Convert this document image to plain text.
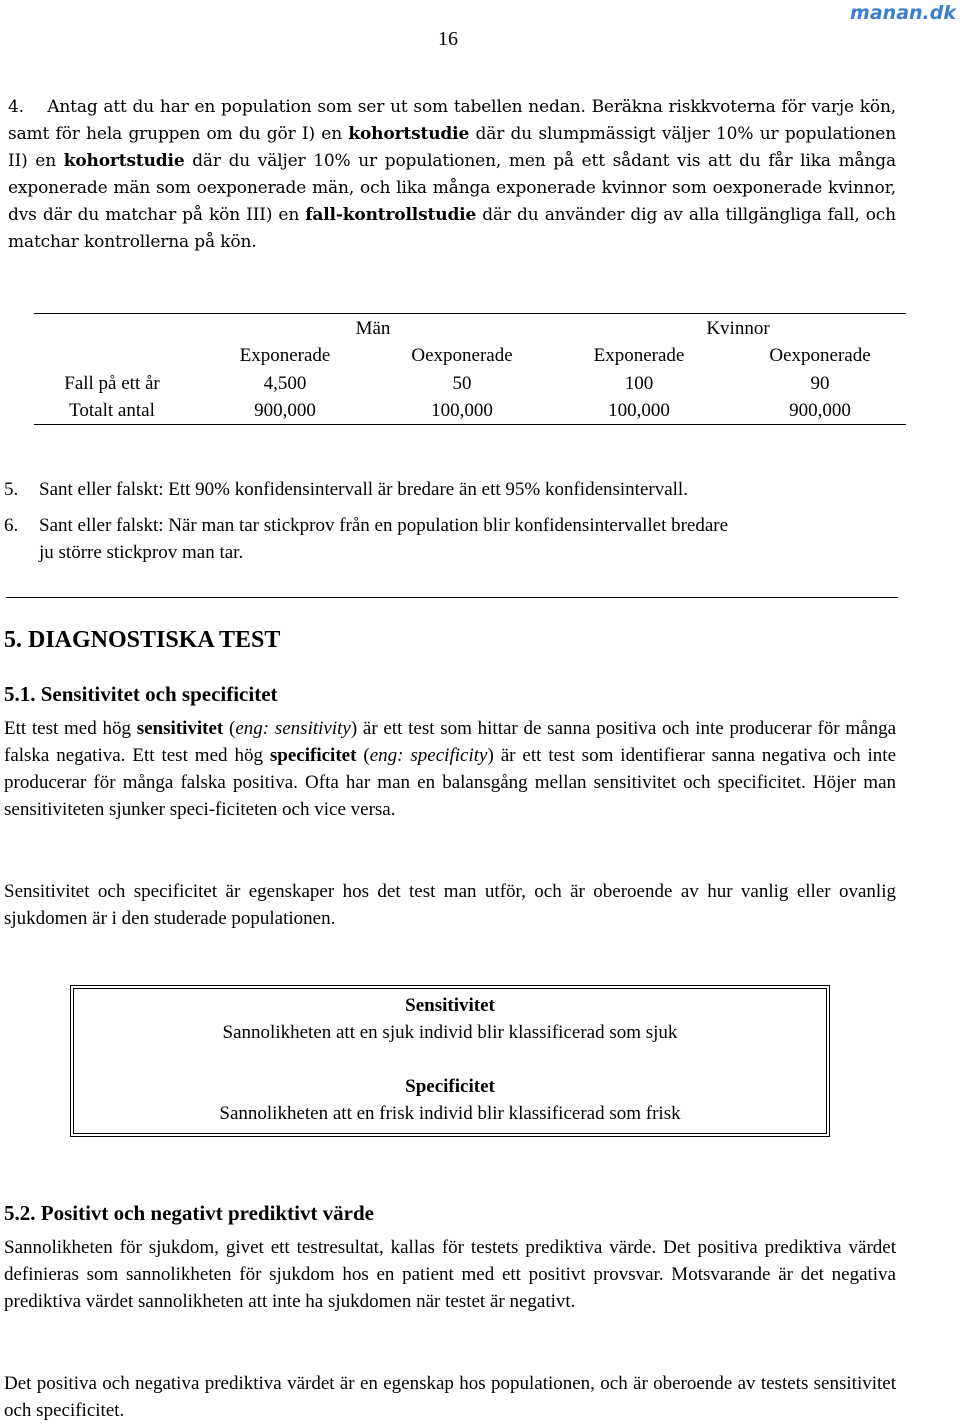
manan.dk
16
4. Antag att du har en population som ser ut som tabellen nedan. Beräkna riskkvoterna för varje kön, samt för hela gruppen om du gör I) en kohortstudie där du slumpmässigt väljer 10% ur populationen II) en kohortstudie där du väljer 10% ur populationen, men på ett sådant vis att du får lika många exponerade män som oexponerade män, och lika många exponerade kvinnor som oexponerade kvinnor, dvs där du matchar på kön III) en fall-kontrollstudie där du använder dig av alla tillgängliga fall, och matchar kontrollerna på kön.
Män	Kvinnor
Exponerade	Oexponerade	Exponerade	Oexponerade
Fall på ett år	4,500	50	100	90
Totalt antal	900,000	100,000	100,000	900,000
5. Sant eller falskt: Ett 90% konfidensintervall är bredare än ett 95% konfidensintervall.
6. Sant eller falskt: När man tar stickprov från en population blir konfidensintervallet bredare
ju större stickprov man tar.
5. DIAGNOSTISKA TEST
5.1. Sensitivitet och specificitet
Ett test med hög sensitivitet (eng: sensitivity) är ett test som hittar de sanna positiva och inte producerar för många falska negativa. Ett test med hög specificitet (eng: specificity) är ett test som identifierar sanna negativa och inte producerar för många falska positiva. Ofta har man en balansgång mellan sensitivitet och specificitet. Höjer man sensitiviteten sjunker speci-ficiteten och vice versa.
Sensitivitet och specificitet är egenskaper hos det test man utför, och är oberoende av hur vanlig eller ovanlig sjukdomen är i den studerade populationen.
Sensitivitet
Sannolikheten att en sjuk individ blir klassificerad som sjuk
Specificitet
Sannolikheten att en frisk individ blir klassificerad som frisk
5.2. Positivt och negativt prediktivt värde
Sannolikheten för sjukdom, givet ett testresultat, kallas för testets prediktiva värde. Det positiva prediktiva värdet definieras som sannolikheten för sjukdom hos en patient med ett positivt provsvar. Motsvarande är det negativa prediktiva värdet sannolikheten att inte ha sjukdomen när testet är negativt.
Det positiva och negativa prediktiva värdet är en egenskap hos populationen, och är oberoende av testets sensitivitet och specificitet.
